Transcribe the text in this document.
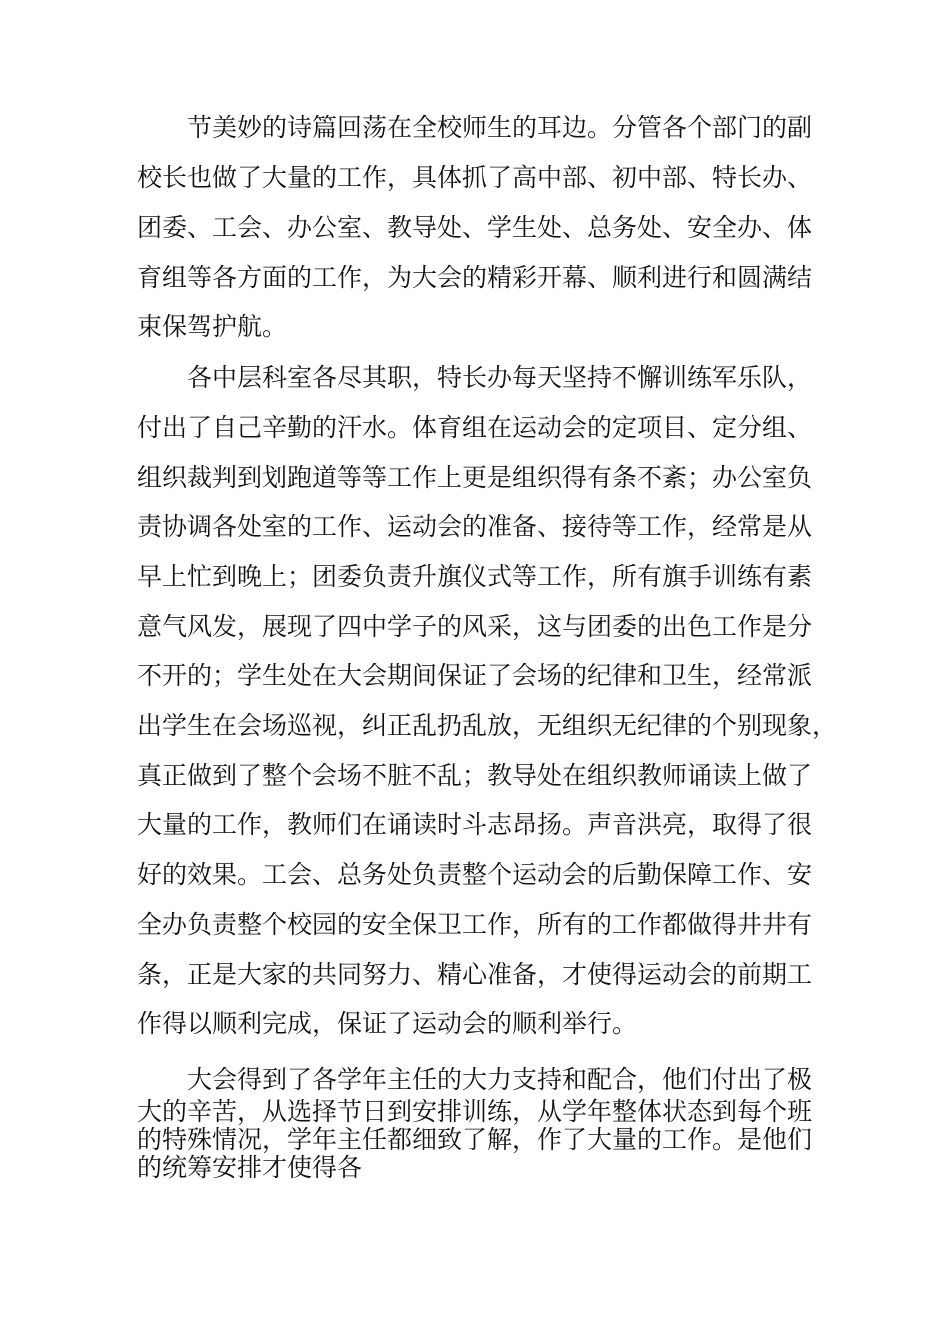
　　节美妙的诗篇回荡在全校师生的耳边。分管各个部门的副

校长也做了大量的工作，具体抓了高中部、初中部、特长办、

团委、工会、办公室、教导处、学生处、总务处、安全办、体

育组等各方面的工作，为大会的精彩开幕、顺利进行和圆满结

束保驾护航。

　　各中层科室各尽其职，特长办每天坚持不懈训练军乐队，

付出了自己辛勤的汗水。体育组在运动会的定项目、定分组、

组织裁判到划跑道等等工作上更是组织得有条不紊；办公室负

责协调各处室的工作、运动会的准备、接待等工作，经常是从

早上忙到晚上；团委负责升旗仪式等工作，所有旗手训练有素

意气风发，展现了四中学子的风采，这与团委的出色工作是分

不开的；学生处在大会期间保证了会场的纪律和卫生，经常派

出学生在会场巡视，纠正乱扔乱放，无组织无纪律的个别现象，

真正做到了整个会场不脏不乱；教导处在组织教师诵读上做了

大量的工作，教师们在诵读时斗志昂扬。声音洪亮，取得了很

好的效果。工会、总务处负责整个运动会的后勤保障工作、安

全办负责整个校园的安全保卫工作，所有的工作都做得井井有

条，正是大家的共同努力、精心准备，才使得运动会的前期工

作得以顺利完成，保证了运动会的顺利举行。

　　大会得到了各学年主任的大力支持和配合，他们付出了极

大的辛苦，从选择节日到安排训练，从学年整体状态到每个班

的特殊情况，学年主任都细致了解，作了大量的工作。是他们

的统筹安排才使得各
